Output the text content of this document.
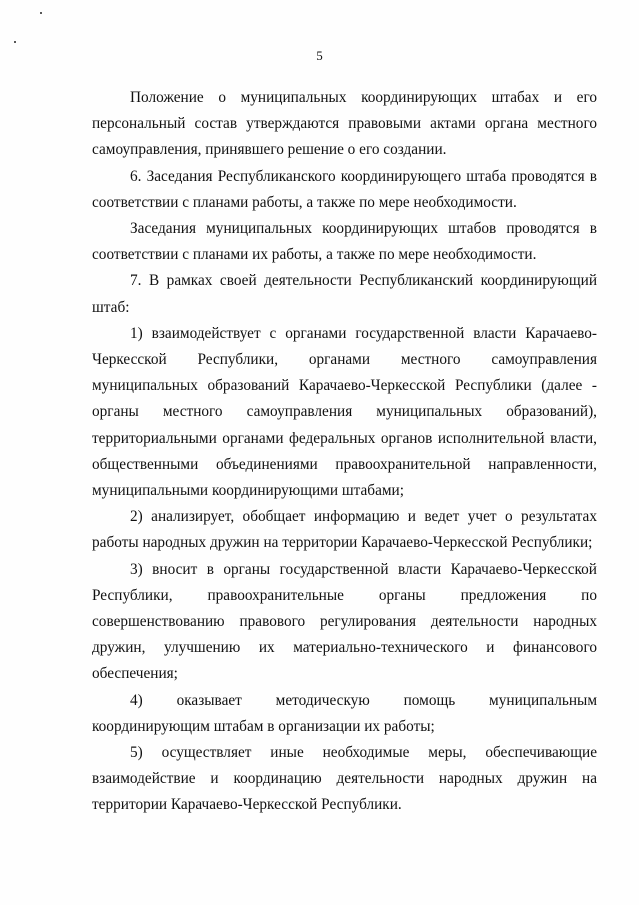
5

Положение о муниципальных координирующих штабах и его персональный состав утверждаются правовыми актами органа местного самоуправления, принявшего решение о его создании.

6. Заседания Республиканского координирующего штаба проводятся в соответствии с планами работы, а также по мере необходимости.

Заседания муниципальных координирующих штабов проводятся в соответствии с планами их работы, а также по мере необходимости.

7. В рамках своей деятельности Республиканский координирующий штаб:

1) взаимодействует с органами государственной власти Карачаево-Черкесской Республики, органами местного самоуправления муниципальных образований Карачаево-Черкесской Республики (далее - органы местного самоуправления муниципальных образований), территориальными органами федеральных органов исполнительной власти, общественными объединениями правоохранительной направленности, муниципальными координирующими штабами;

2) анализирует, обобщает информацию и ведет учет о результатах работы народных дружин на территории Карачаево-Черкесской Республики;

3) вносит в органы государственной власти Карачаево-Черкесской Республики, правоохранительные органы предложения по совершенствованию правового регулирования деятельности народных дружин, улучшению их материально-технического и финансового обеспечения;

4) оказывает методическую помощь муниципальным координирующим штабам в организации их работы;

5) осуществляет иные необходимые меры, обеспечивающие взаимодействие и координацию деятельности народных дружин на территории Карачаево-Черкесской Республики.
